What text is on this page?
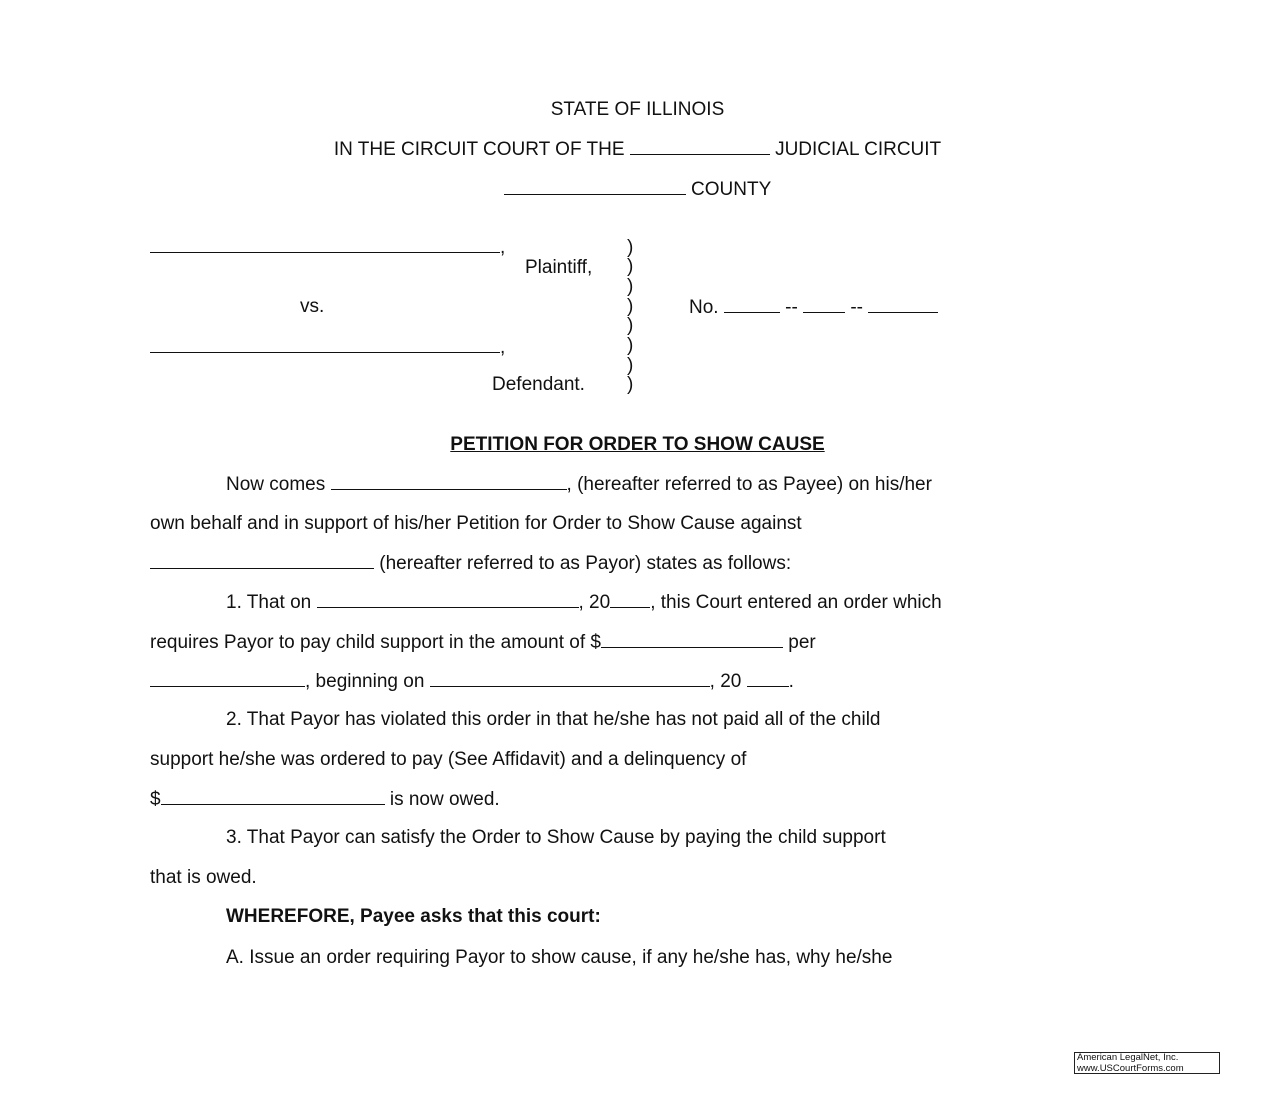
STATE OF ILLINOIS
IN THE CIRCUIT COURT OF THE	JUDICIAL CIRCUIT
COUNTY
,
Plaintiff,
vs.
,
Defendant.
)
)
)
)
)
)
)
)
No.	--	--
PETITION FOR ORDER TO SHOW CAUSE
Now comes	, (hereafter referred to as Payee) on his/her
own behalf and in support of his/her Petition for Order to Show Cause against
(hereafter referred to as Payor) states as follows:
1. That on	, 20 , this Court entered an order which
requires Payor to pay child support in the amount of $	per
, beginning on	, 20 .
2. That Payor has violated this order in that he/she has not paid all of the child
support he/she was ordered to pay (See Affidavit) and a delinquency of
$	is now owed.
3. That Payor can satisfy the Order to Show Cause by paying the child support
that is owed.
WHEREFORE, Payee asks that this court:
A. Issue an order requiring Payor to show cause, if any he/she has, why he/she
American LegalNet, Inc.
www.USCourtForms.com
